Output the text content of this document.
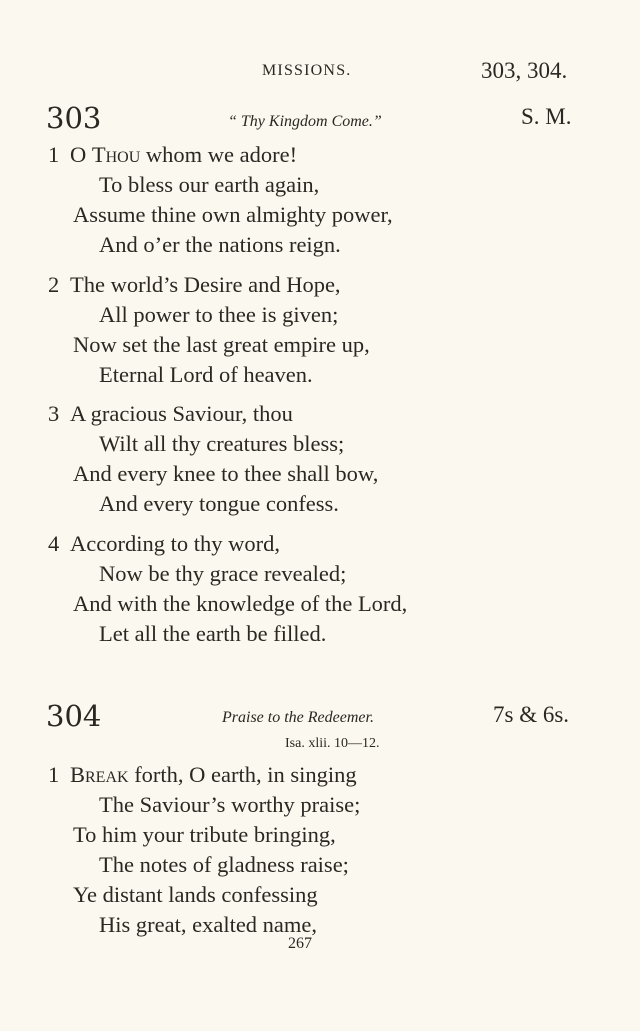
MISSIONS.	303, 304.
303	“ Thy Kingdom Come.”	S. M.
1 O Thou whom we adore!
To bless our earth again,
Assume thine own almighty power,
And o’er the nations reign.
2 The world’s Desire and Hope,
All power to thee is given;
Now set the last great empire up,
Eternal Lord of heaven.
3 A gracious Saviour, thou
Wilt all thy creatures bless;
And every knee to thee shall bow,
And every tongue confess.
4 According to thy word,
Now be thy grace revealed;
And with the knowledge of the Lord,
Let all the earth be filled.
304	Praise to the Redeemer.	7s & 6s.
Isa. xlii. 10—12.
1 Break forth, O earth, in singing
The Saviour’s worthy praise;
To him your tribute bringing,
The notes of gladness raise;
Ye distant lands confessing
His great, exalted name,
267
